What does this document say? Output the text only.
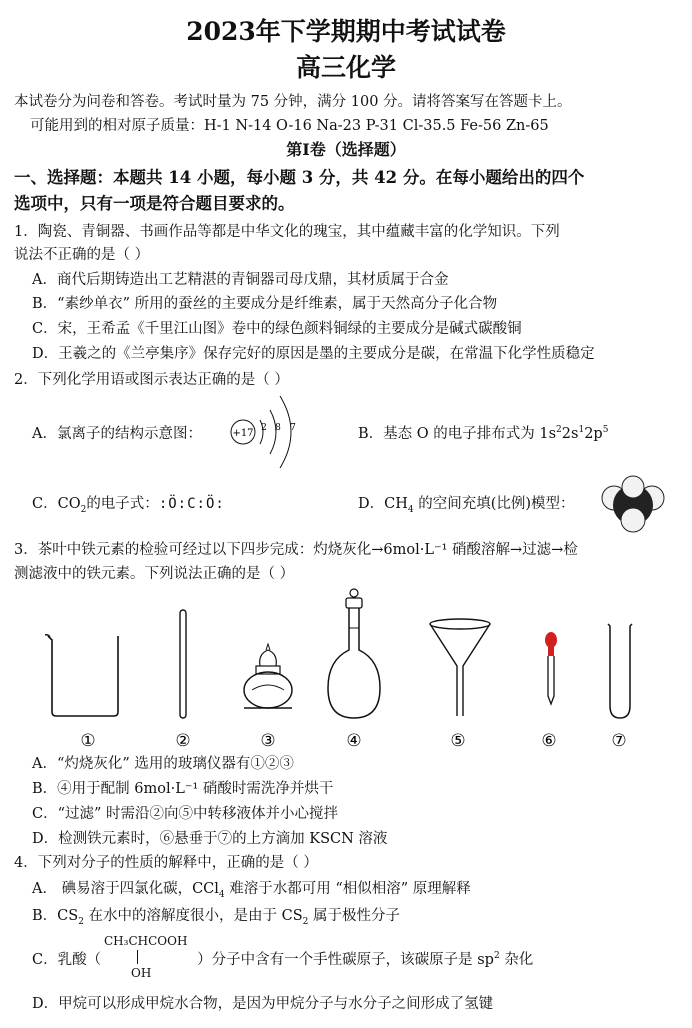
2023年下学期期中考试试卷
高三化学
本试卷分为问卷和答卷。考试时量为 75 分钟，满分 100 分。请将答案写在答题卡上。
可能用到的相对原子质量：H-1 N-14 O-16 Na-23 P-31 Cl-35.5 Fe-56 Zn-65
第Ⅰ卷（选择题）
一、选择题：本题共 14 小题，每小题 3 分，共 42 分。在每小题给出的四个
选项中，只有一项是符合题目要求的。
1．陶瓷、青铜器、书画作品等都是中华文化的瑰宝，其中蕴藏丰富的化学知识。下列
说法不正确的是（ ）
A．商代后期铸造出工艺精湛的青铜器司母戊鼎，其材质属于合金
B．“素纱单衣” 所用的蚕丝的主要成分是纤维素，属于天然高分子化合物
C．宋，王希孟《千里江山图》卷中的绿色颜料铜绿的主要成分是碱式碳酸铜
D．王羲之的《兰亭集序》保存完好的原因是墨的主要成分是碳，在常温下化学性质稳定
2．下列化学用语或图示表达正确的是（ ）
A．氯离子的结构示意图：	+17 2 8 7	B．基态 O 的电子排布式为 $1s^22s^12p^5$
C．$CO_2$的电子式：:Ö:C:Ö:	D．$CH_4$ 的空间充填(比例)模型：
3．茶叶中铁元素的检验可经过以下四步完成：灼烧灰化→6mol·L⁻¹ 硝酸溶解→过滤→检
测滤液中的铁元素。下列说法正确的是（ ）
①	②	③	④	⑤	⑥	⑦
A．“灼烧灰化” 选用的玻璃仪器有①②③
B．④用于配制 6mol·L⁻¹ 硝酸时需洗净并烘干
C．“过滤” 时需沿②向⑤中转移液体并小心搅拌
D．检测铁元素时，⑥悬垂于⑦的上方滴加 KSCN 溶液
4．下列对分子的性质的解释中，正确的是（ ）
A． 碘易溶于四氯化碳，CCl$_4$ 难溶于水都可用 “相似相溶” 原理解释
B．$CS_2$ 在水中的溶解度很小，是由于 $CS_2$ 属于极性分子
C．乳酸（	）分子中含有一个手性碳原子，该碳原子是 $sp^2$ 杂化
CH₃CHCOOH
OH
D．甲烷可以形成甲烷水合物，是因为甲烷分子与水分子之间形成了氢键
